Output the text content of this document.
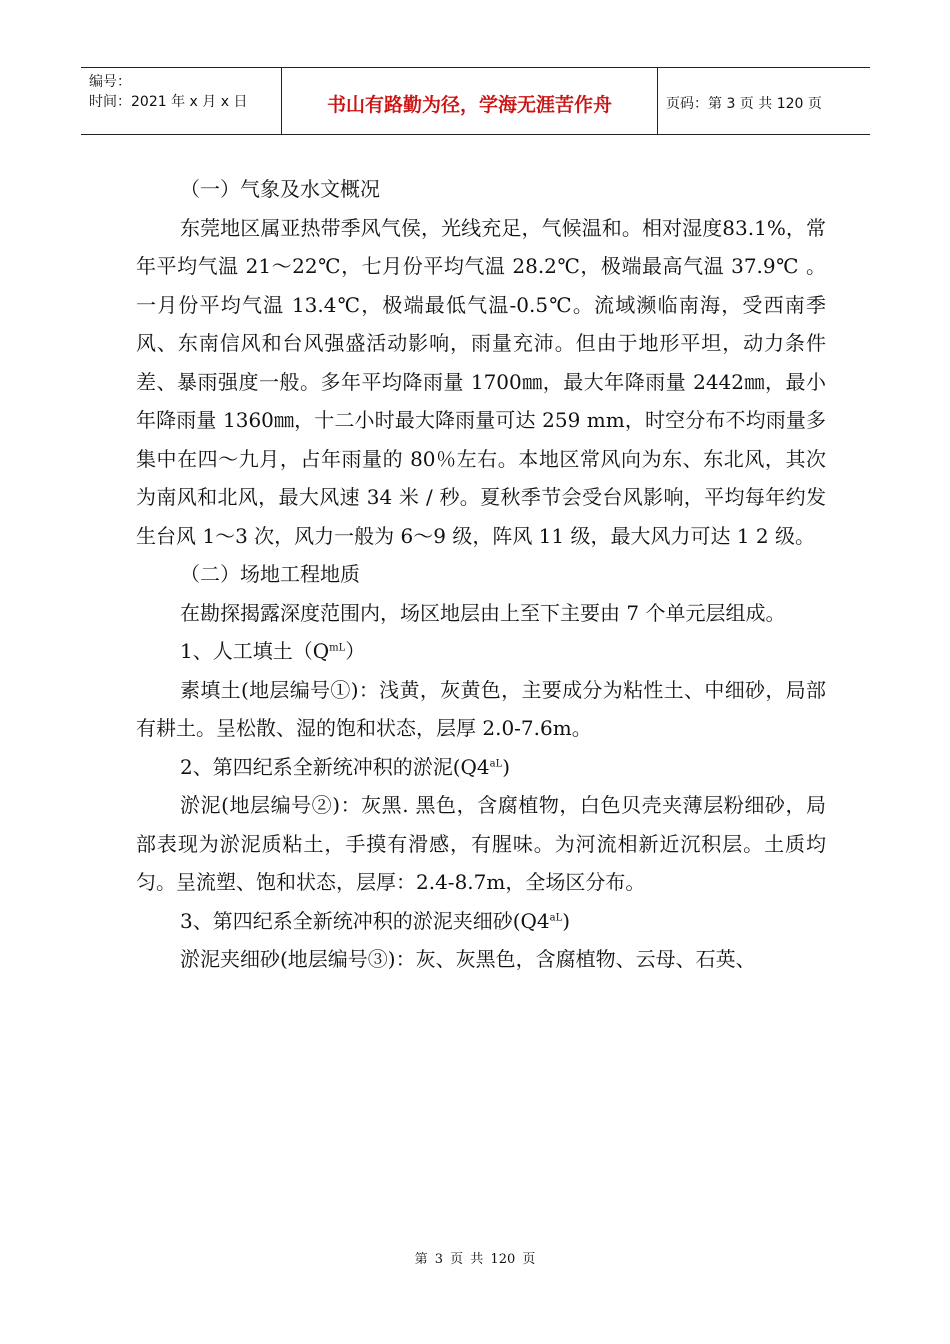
编号：
时间：2021 年 x 月 x 日	书山有路勤为径，学海无涯苦作舟	页码：第 3 页 共 120 页

（一）气象及水文概况

东莞地区属亚热带季风气侯，光线充足，气候温和。相对湿度83.1%，常年平均气温 21～22℃，七月份平均气温 28.2℃，极端最高气温 37.9℃ 。一月份平均气温 13.4℃，极端最低气温-0.5℃。流域濒临南海，受西南季风、东南信风和台风强盛活动影响，雨量充沛。但由于地形平坦，动力条件差、暴雨强度一般。多年平均降雨量 1700㎜，最大年降雨量 2442㎜，最小年降雨量 1360㎜，十二小时最大降雨量可达 259 mm，时空分布不均雨量多集中在四～九月，占年雨量的 80％左右。本地区常风向为东、东北风，其次为南风和北风，最大风速 34 米 / 秒。夏秋季节会受台风影响，平均每年约发生台风 1～3 次，风力一般为 6～9 级，阵风 11 级，最大风力可达 1 2 级。

（二）场地工程地质

在勘探揭露深度范围内，场区地层由上至下主要由 7 个单元层组成。

1、人工填土$(Q^{mL})$

素填土(地层编号①)：浅黄，灰黄色，主要成分为粘性土、中细砂，局部有耕土。呈松散、湿的饱和状态，层厚 2.0-7.6m。

2、第四纪系全新统冲积的淤泥$(Q4^{aL})$

淤泥(地层编号②)：灰黑. 黑色，含腐植物，白色贝壳夹薄层粉细砂，局部表现为淤泥质粘土，手摸有滑感，有腥味。为河流相新近沉积层。土质均匀。呈流塑、饱和状态，层厚：2.4-8.7m，全场区分布。

3、第四纪系全新统冲积的淤泥夹细砂$(Q4^{aL})$

淤泥夹细砂(地层编号③)：灰、灰黑色，含腐植物、云母、石英、

第 3 页 共 120 页
